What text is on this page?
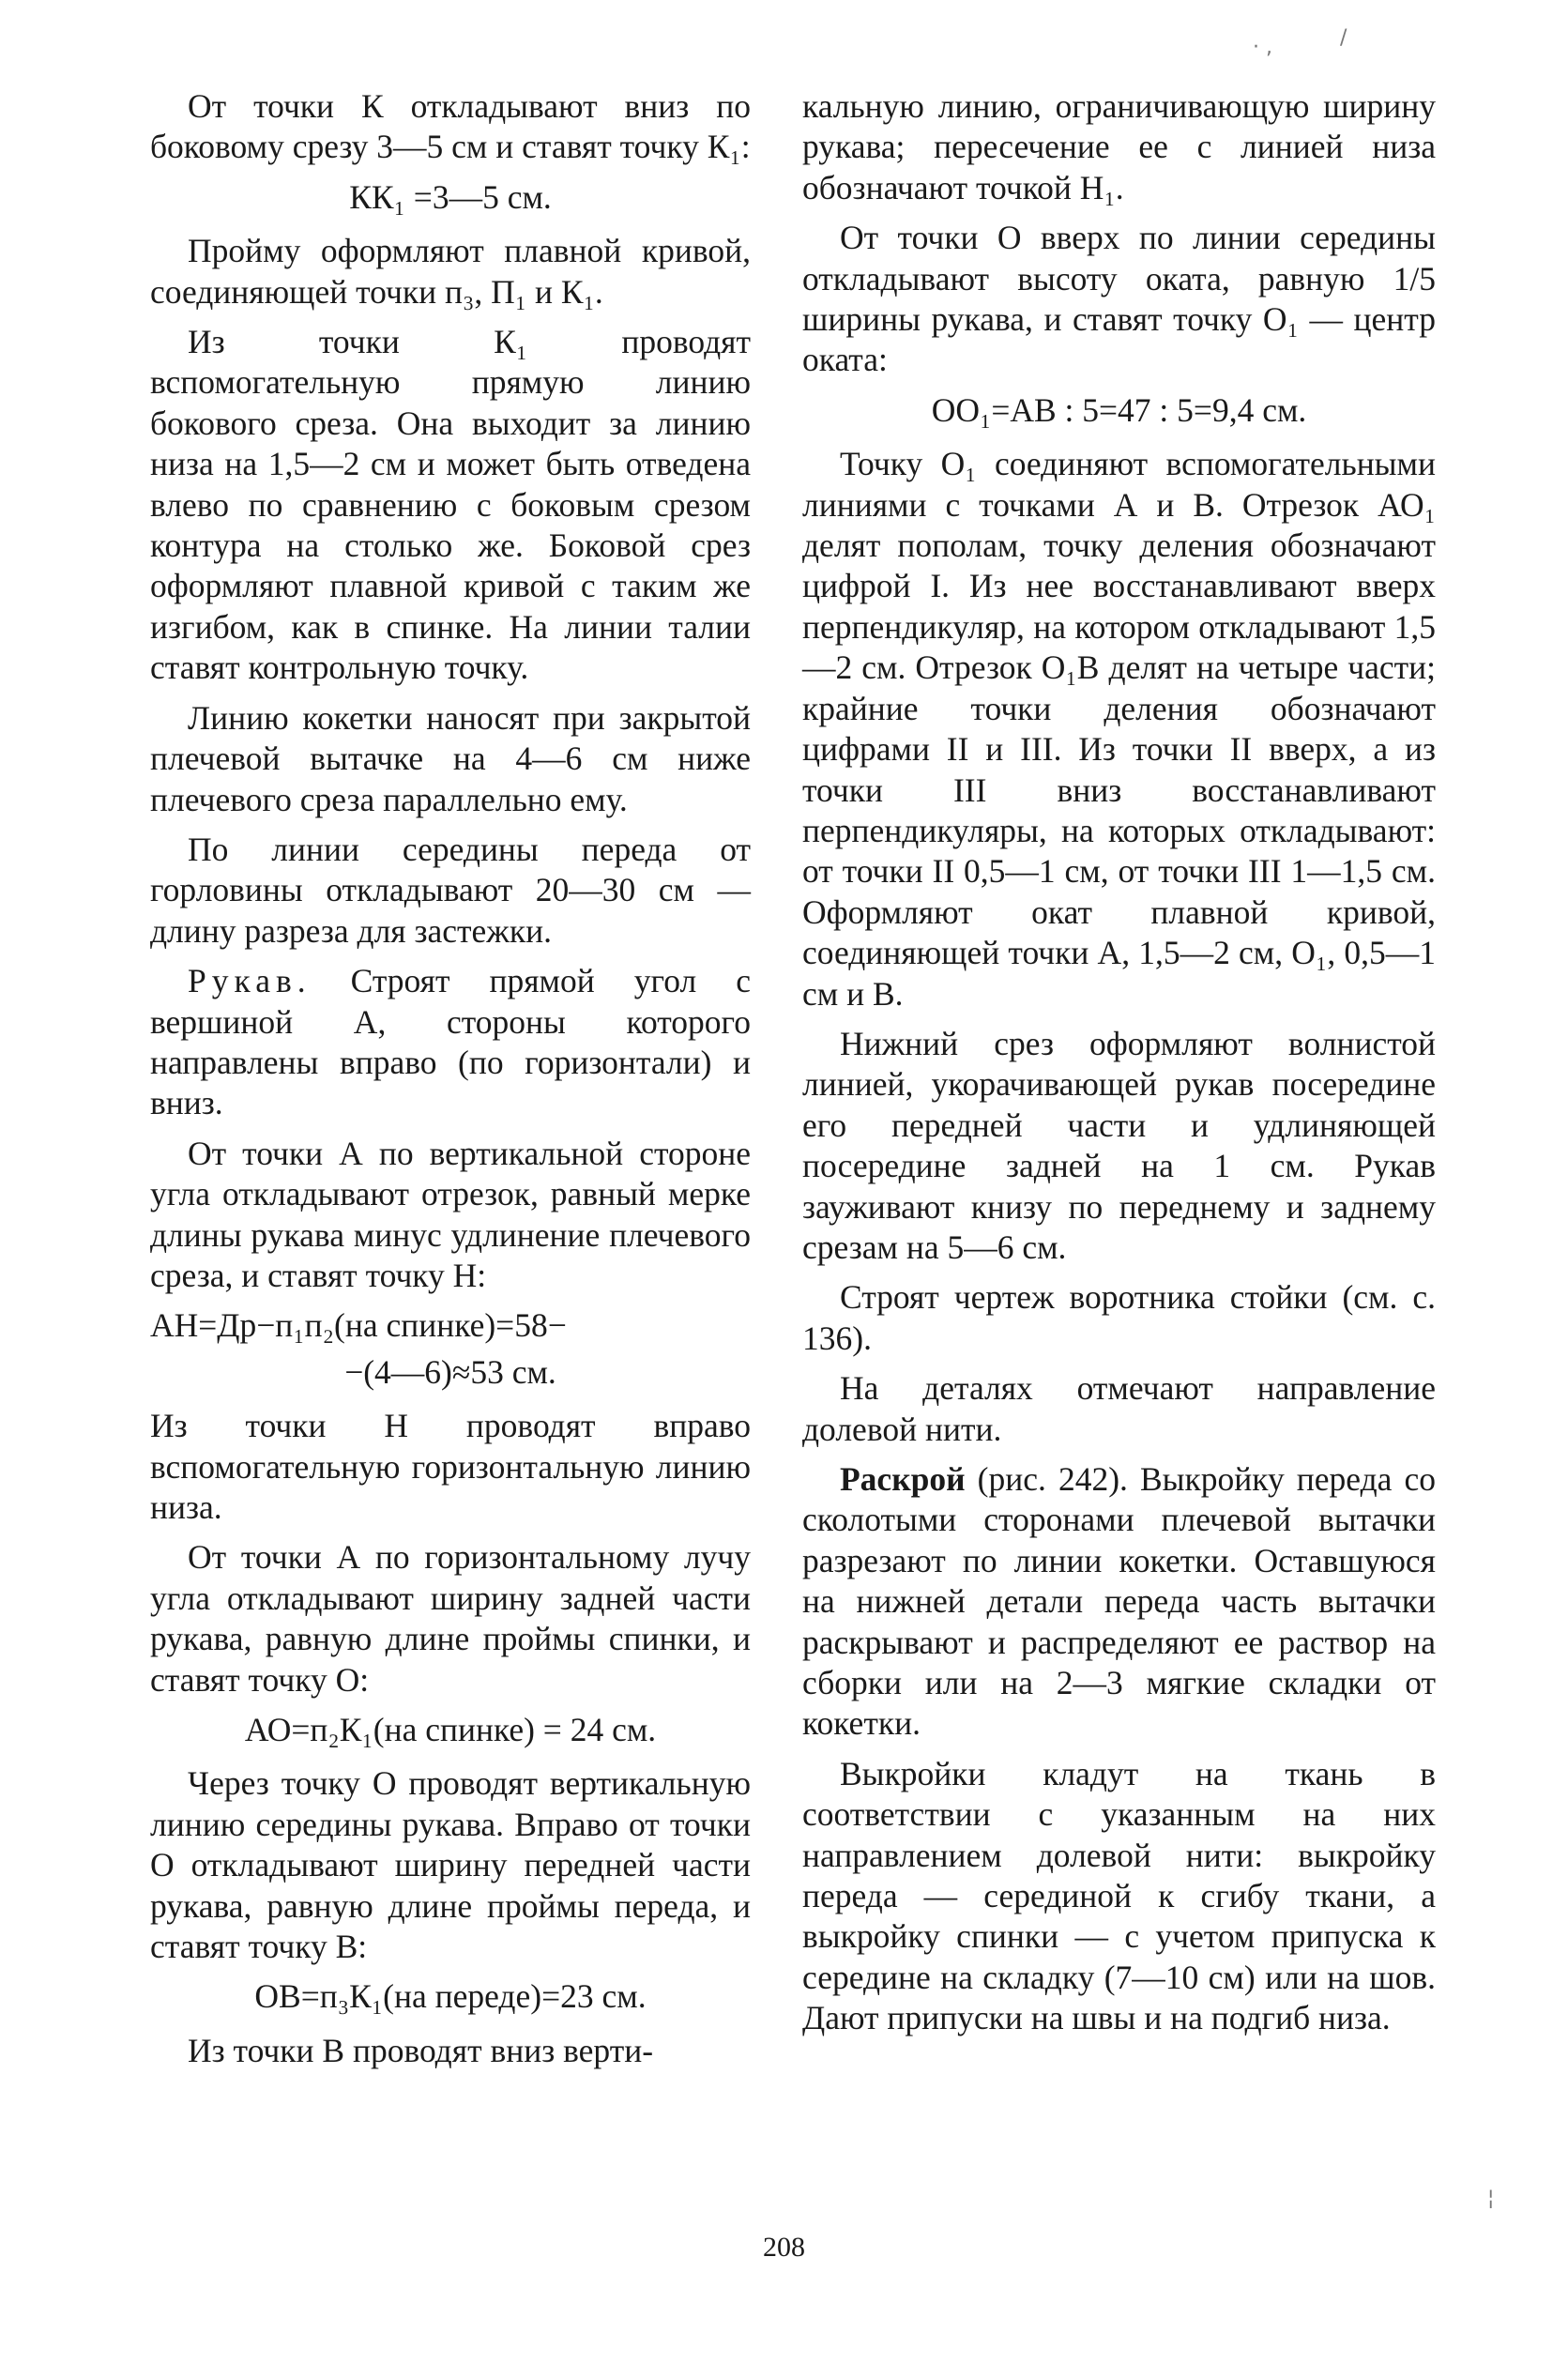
От точки К откладывают вниз по боковому срезу 3—5 см и ставят точку К₁:

КК₁ =3—5 см.

Пройму оформляют плавной кривой, соединяющей точки п₃, П₁ и К₁.

Из точки К₁ проводят вспомогательную прямую линию бокового среза. Она выходит за линию низа на 1,5—2 см и может быть отведена влево по сравнению с боковым срезом контура на столько же. Боковой срез оформляют плавной кривой с таким же изгибом, как в спинке. На линии талии ставят контрольную точку.

Линию кокетки наносят при закрытой плечевой вытачке на 4—6 см ниже плечевого среза параллельно ему.

По линии середины переда от горловины откладывают 20—30 см — длину разреза для застежки.

Рукав. Строят прямой угол с вершиной А, стороны которого направлены вправо (по горизонтали) и вниз.

От точки А по вертикальной стороне угла откладывают отрезок, равный мерке длины рукава минус удлинение плечевого среза, и ставят точку Н:

АН=Др−п₁п₂(на спинке)=58−

−(4—6)≈53 см.

Из точки Н проводят вправо вспомогательную горизонтальную линию низа.

От точки А по горизонтальному лучу угла откладывают ширину задней части рукава, равную длине проймы спинки, и ставят точку О:

АО=п₂К₁(на спинке) = 24 см.

Через точку О проводят вертикальную линию середины рукава. Вправо от точки О откладывают ширину передней части рукава, равную длине проймы переда, и ставят точку В:

ОВ=п₃К₁(на переде)=23 см.

Из точки В проводят вниз верти-

кальную линию, ограничивающую ширину рукава; пересечение ее с линией низа обозначают точкой Н₁.

От точки О вверх по линии середины откладывают высоту оката, равную 1/5 ширины рукава, и ставят точку О₁ — центр оката:

ОО₁=АВ : 5=47 : 5=9,4 см.

Точку О₁ соединяют вспомогательными линиями с точками А и В. Отрезок АО₁ делят пополам, точку деления обозначают цифрой I. Из нее восстанавливают вверх перпендикуляр, на котором откладывают 1,5—2 см. Отрезок О₁В делят на четыре части; крайние точки деления обозначают цифрами II и III. Из точки II вверх, а из точки III вниз восстанавливают перпендикуляры, на которых откладывают: от точки II 0,5—1 см, от точки III 1—1,5 см. Оформляют окат плавной кривой, соединяющей точки А, 1,5—2 см, О₁, 0,5—1 см и В.

Нижний срез оформляют волнистой линией, укорачивающей рукав посередине его передней части и удлиняющей посередине задней на 1 см. Рукав зауживают книзу по переднему и заднему срезам на 5—6 см.

Строят чертеж воротника стойки (см. с. 136).

На деталях отмечают направление долевой нити.

Раскрой (рис. 242). Выкройку переда со сколотыми сторонами плечевой вытачки разрезают по линии кокетки. Оставшуюся на нижней детали переда часть вытачки раскрывают и распределяют ее раствор на сборки или на 2—3 мягкие складки от кокетки.

Выкройки кладут на ткань в соответствии с указанным на них направлением долевой нити: выкройку переда — серединой к сгибу ткани, а выкройку спинки — с учетом припуска к середине на складку (7—10 см) или на шов. Дают припуски на швы и на подгиб низа.

208
· ,	/
¦
